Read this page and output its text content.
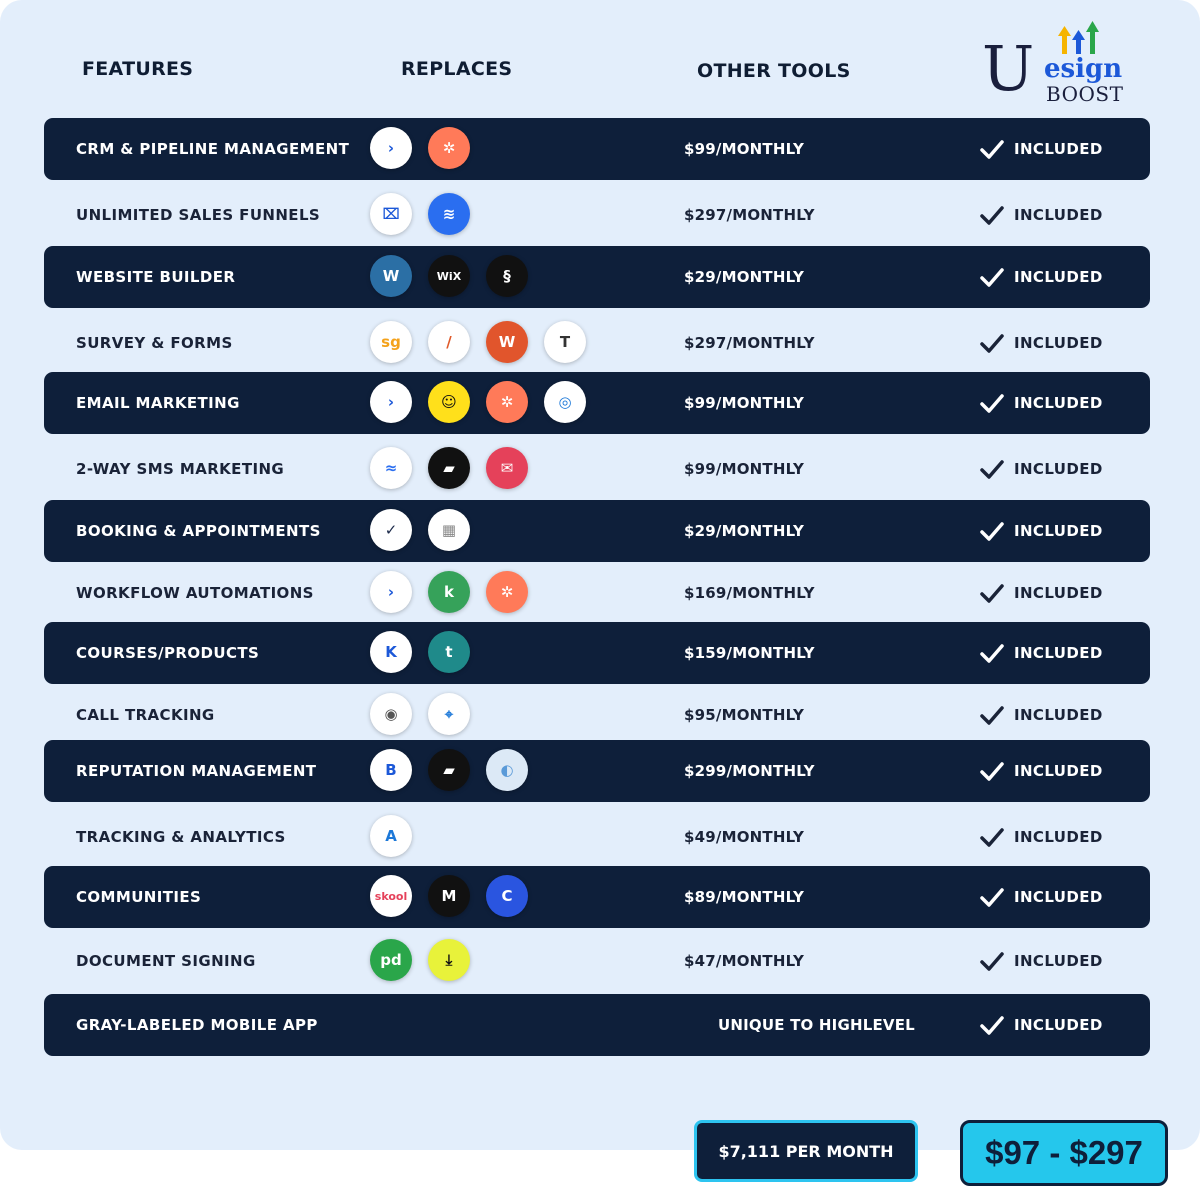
FEATURES	REPLACES	OTHER TOOLS U esign
BOOST
CRM & PIPELINE MANAGEMENT	›	✲	$99/MONTHLY	INCLUDED
UNLIMITED SALES FUNNELS	⌧	≋	$297/MONTHLY	INCLUDED
WEBSITE BUILDER	W	WiX	§	$29/MONTHLY	INCLUDED
SURVEY & FORMS	sg	/	W	T	$297/MONTHLY	INCLUDED
EMAIL MARKETING	›	☺	✲	◎	$99/MONTHLY	INCLUDED
2-WAY SMS MARKETING	≈	▰	✉	$99/MONTHLY	INCLUDED
BOOKING & APPOINTMENTS	✓	▦	$29/MONTHLY	INCLUDED
WORKFLOW AUTOMATIONS	›	k	✲	$169/MONTHLY	INCLUDED
COURSES/PRODUCTS	K	t	$159/MONTHLY	INCLUDED
CALL TRACKING	◉	⌖	$95/MONTHLY	INCLUDED
REPUTATION MANAGEMENT	B	▰	◐	$299/MONTHLY	INCLUDED
TRACKING & ANALYTICS	A	$49/MONTHLY	INCLUDED
COMMUNITIES	skool	M	C	$89/MONTHLY	INCLUDED
DOCUMENT SIGNING	pd	⤓	$47/MONTHLY	INCLUDED
GRAY-LABELED MOBILE APP	UNIQUE TO HIGHLEVEL	INCLUDED
$7,111 PER MONTH	$97 - $297
